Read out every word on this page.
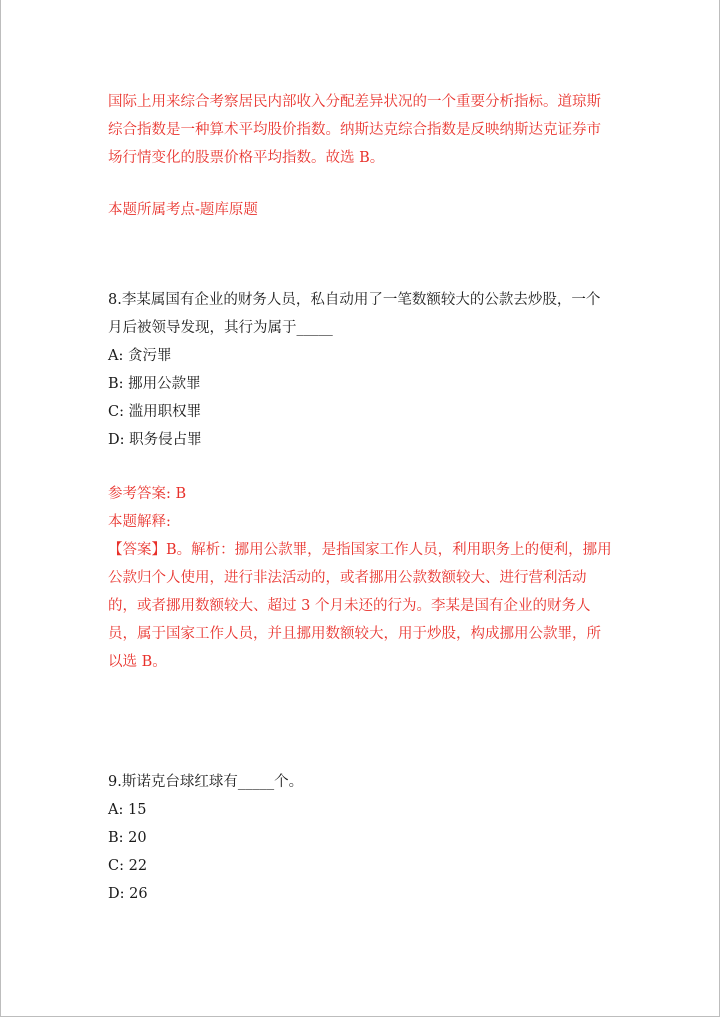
国际上用来综合考察居民内部收入分配差异状况的一个重要分析指标。道琼斯综合指数是一种算术平均股价指数。纳斯达克综合指数是反映纳斯达克证券市场行情变化的股票价格平均指数。故选 B。

本题所属考点-题库原题

8.李某属国有企业的财务人员，私自动用了一笔数额较大的公款去炒股，一个月后被领导发现，其行为属于_____

A: 贪污罪

B: 挪用公款罪

C: 滥用职权罪

D: 职务侵占罪

参考答案: B

本题解释:

【答案】B。解析：挪用公款罪，是指国家工作人员，利用职务上的便利，挪用公款归个人使用，进行非法活动的，或者挪用公款数额较大、进行营利活动的，或者挪用数额较大、超过 3 个月未还的行为。李某是国有企业的财务人员，属于国家工作人员，并且挪用数额较大，用于炒股，构成挪用公款罪，所以选 B。

9.斯诺克台球红球有_____个。

A: 15

B: 20

C: 22

D: 26
